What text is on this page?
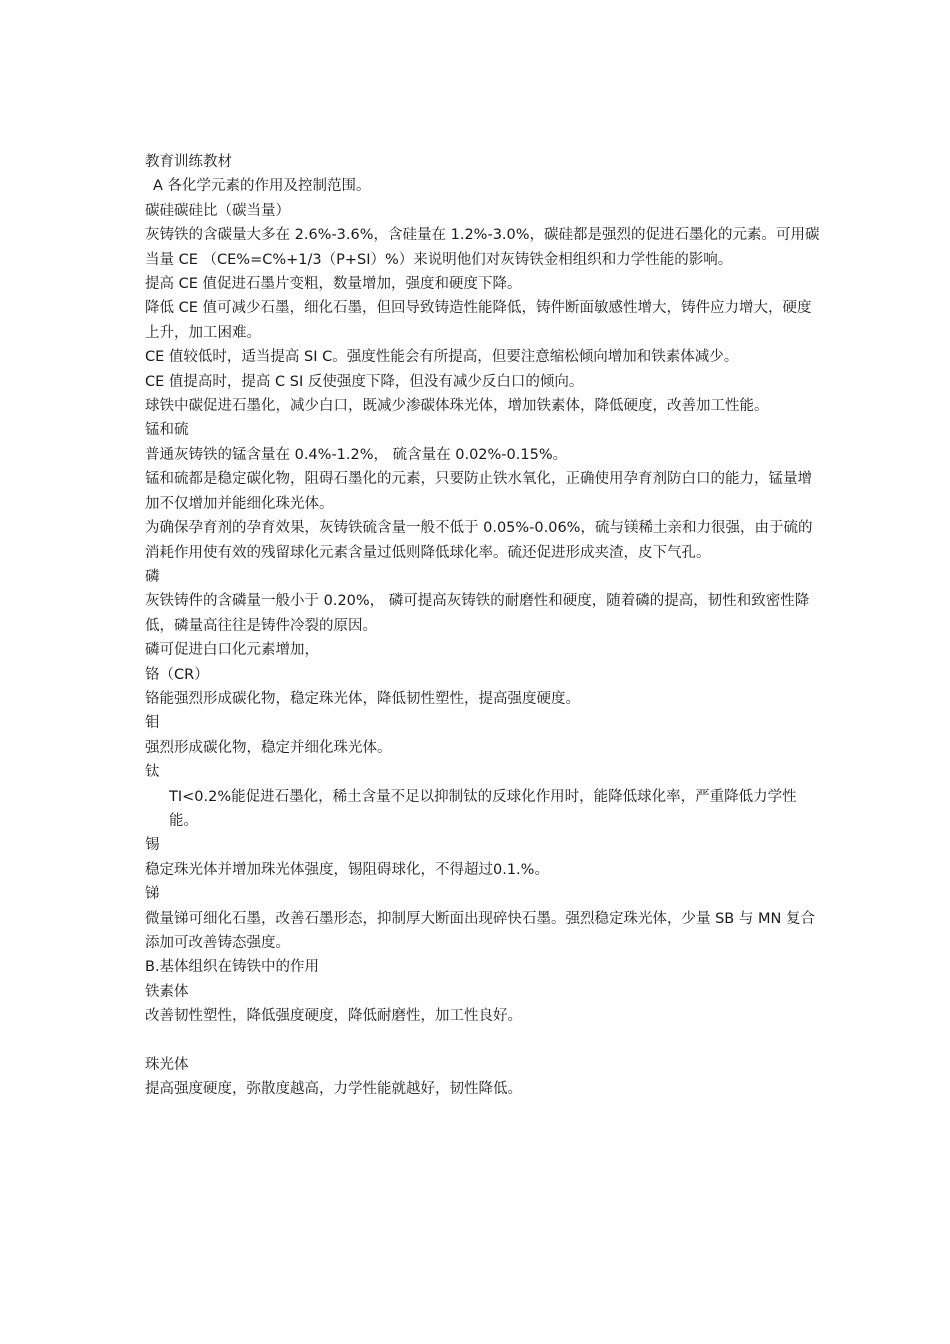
教育训练教材

A 各化学元素的作用及控制范围。

碳硅碳硅比（碳当量）

灰铸铁的含碳量大多在 2.6%-3.6%，含硅量在 1.2%-3.0%，碳硅都是强烈的促进石墨化的元素。可用碳当量 CE （CE%=C%+1/3（P+SI）%）来说明他们对灰铸铁金相组织和力学性能的影响。

提高 CE 值促进石墨片变粗，数量增加，强度和硬度下降。

降低 CE 值可减少石墨，细化石墨，但回导致铸造性能降低，铸件断面敏感性增大，铸件应力增大，硬度上升，加工困难。

CE 值较低时，适当提高 SI C。强度性能会有所提高，但要注意缩松倾向增加和铁素体减少。

CE 值提高时，提高 C SI 反使强度下降，但没有减少反白口的倾向。

球铁中碳促进石墨化，减少白口，既减少渗碳体珠光体，增加铁素体，降低硬度，改善加工性能。

锰和硫

普通灰铸铁的锰含量在 0.4%-1.2%， 硫含量在 0.02%-0.15%。

锰和硫都是稳定碳化物，阻碍石墨化的元素，只要防止铁水氧化，正确使用孕育剂防白口的能力，锰量增加不仅增加并能细化珠光体。

为确保孕育剂的孕育效果，灰铸铁硫含量一般不低于 0.05%-0.06%，硫与镁稀土亲和力很强，由于硫的消耗作用使有效的残留球化元素含量过低则降低球化率。硫还促进形成夹渣，皮下气孔。

磷

灰铁铸件的含磷量一般小于 0.20%， 磷可提高灰铸铁的耐磨性和硬度，随着磷的提高，韧性和致密性降低，磷量高往往是铸件冷裂的原因。

磷可促进白口化元素增加，

铬（CR）

铬能强烈形成碳化物，稳定珠光体，降低韧性塑性，提高强度硬度。

钼

强烈形成碳化物，稳定并细化珠光体。

钛

TI<0.2%能促进石墨化，稀土含量不足以抑制钛的反球化作用时，能降低球化率，严重降低力学性能。

锡

稳定珠光体并增加珠光体强度，锡阻碍球化，不得超过0.1.%。

锑

微量锑可细化石墨，改善石墨形态，抑制厚大断面出现碎快石墨。强烈稳定珠光体，少量 SB 与 MN 复合添加可改善铸态强度。

B.基体组织在铸铁中的作用

铁素体

改善韧性塑性，降低强度硬度，降低耐磨性，加工性良好。

珠光体

提高强度硬度，弥散度越高，力学性能就越好，韧性降低。
